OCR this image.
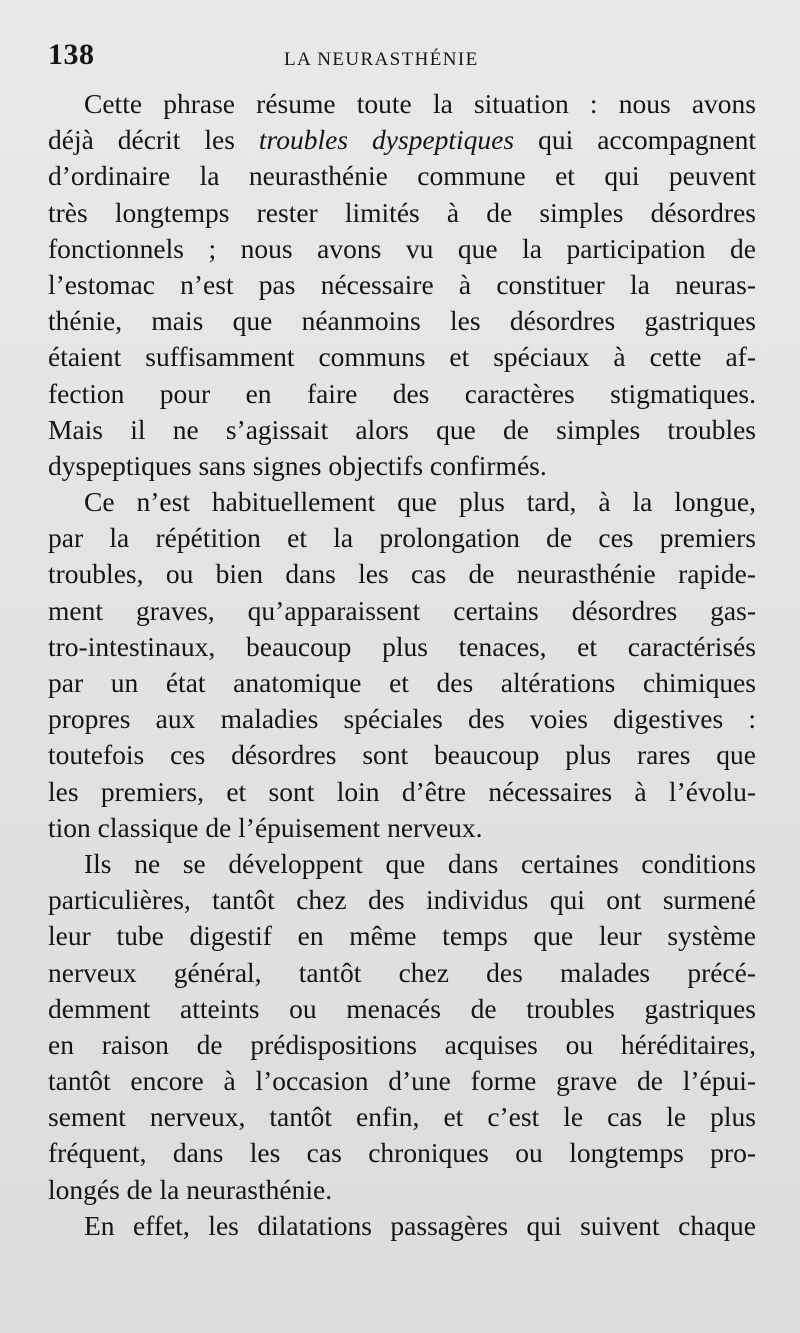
138	LA NEURASTHÉNIE
Cette phrase résume toute la situation : nous avons
déjà décrit les troubles dyspeptiques qui accompagnent
d’ordinaire la neurasthénie commune et qui peuvent
très longtemps rester limités à de simples désordres
fonctionnels ; nous avons vu que la participation de
l’estomac n’est pas nécessaire à constituer la neuras-
thénie, mais que néanmoins les désordres gastriques
étaient suffisamment communs et spéciaux à cette af-
fection pour en faire des caractères stigmatiques.
Mais il ne s’agissait alors que de simples troubles
dyspeptiques sans signes objectifs confirmés.
Ce n’est habituellement que plus tard, à la longue,
par la répétition et la prolongation de ces premiers
troubles, ou bien dans les cas de neurasthénie rapide-
ment graves, qu’apparaissent certains désordres gas-
tro-intestinaux, beaucoup plus tenaces, et caractérisés
par un état anatomique et des altérations chimiques
propres aux maladies spéciales des voies digestives :
toutefois ces désordres sont beaucoup plus rares que
les premiers, et sont loin d’être nécessaires à l’évolu-
tion classique de l’épuisement nerveux.
Ils ne se développent que dans certaines conditions
particulières, tantôt chez des individus qui ont surmené
leur tube digestif en même temps que leur système
nerveux général, tantôt chez des malades précé-
demment atteints ou menacés de troubles gastriques
en raison de prédispositions acquises ou héréditaires,
tantôt encore à l’occasion d’une forme grave de l’épui-
sement nerveux, tantôt enfin, et c’est le cas le plus
fréquent, dans les cas chroniques ou longtemps pro-
longés de la neurasthénie.
En effet, les dilatations passagères qui suivent chaque
